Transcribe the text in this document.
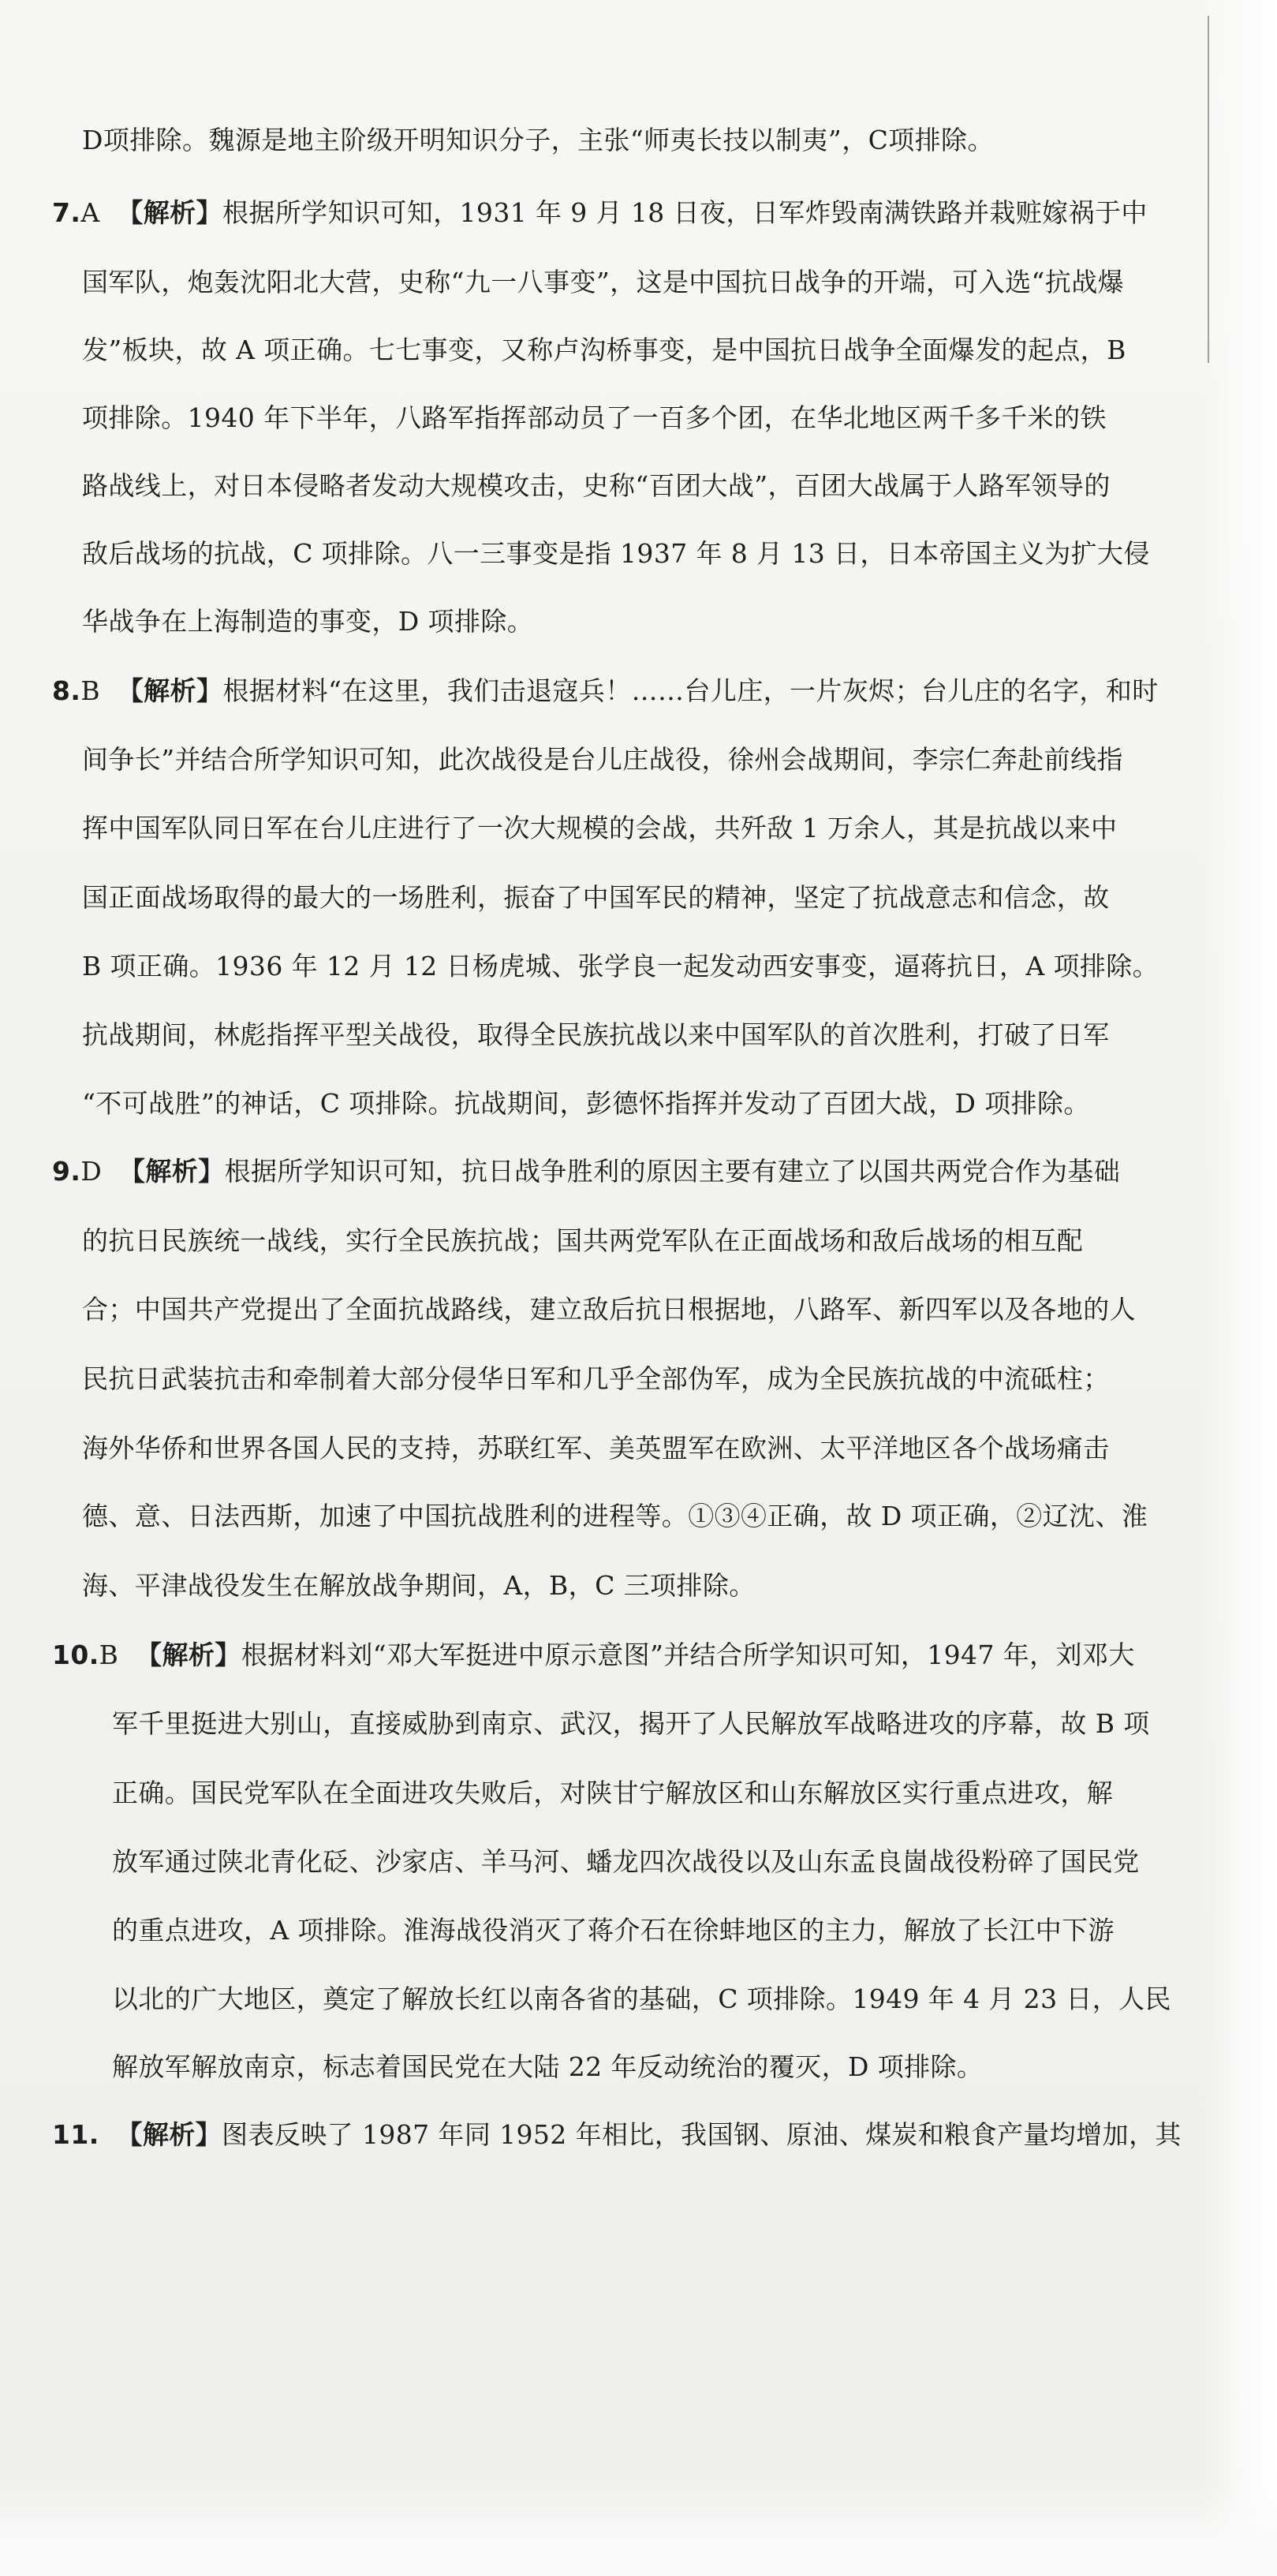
D项排除。魏源是地主阶级开明知识分子，主张“师夷长技以制夷”，C项排除。
7.A 【解析】根据所学知识可知，1931 年 9 月 18 日夜，日军炸毁南满铁路并栽赃嫁祸于中
国军队，炮轰沈阳北大营，史称“九一八事变”，这是中国抗日战争的开端，可入选“抗战爆
发”板块，故 A 项正确。七七事变，又称卢沟桥事变，是中国抗日战争全面爆发的起点，B
项排除。1940 年下半年，八路军指挥部动员了一百多个团，在华北地区两千多千米的铁
路战线上，对日本侵略者发动大规模攻击，史称“百团大战”，百团大战属于人路军领导的
敌后战场的抗战，C 项排除。八一三事变是指 1937 年 8 月 13 日，日本帝国主义为扩大侵
华战争在上海制造的事变，D 项排除。
8.B 【解析】根据材料“在这里，我们击退寇兵！……台儿庄，一片灰烬；台儿庄的名字，和时
间争长”并结合所学知识可知，此次战役是台儿庄战役，徐州会战期间，李宗仁奔赴前线指
挥中国军队同日军在台儿庄进行了一次大规模的会战，共歼敌 1 万余人，其是抗战以来中
国正面战场取得的最大的一场胜利，振奋了中国军民的精神，坚定了抗战意志和信念，故
B 项正确。1936 年 12 月 12 日杨虎城、张学良一起发动西安事变，逼蒋抗日，A 项排除。
抗战期间，林彪指挥平型关战役，取得全民族抗战以来中国军队的首次胜利，打破了日军
“不可战胜”的神话，C 项排除。抗战期间，彭德怀指挥并发动了百团大战，D 项排除。
9.D 【解析】根据所学知识可知，抗日战争胜利的原因主要有建立了以国共两党合作为基础
的抗日民族统一战线，实行全民族抗战；国共两党军队在正面战场和敌后战场的相互配
合；中国共产党提出了全面抗战路线，建立敌后抗日根据地，八路军、新四军以及各地的人
民抗日武装抗击和牵制着大部分侵华日军和几乎全部伪军，成为全民族抗战的中流砥柱；
海外华侨和世界各国人民的支持，苏联红军、美英盟军在欧洲、太平洋地区各个战场痛击
德、意、日法西斯，加速了中国抗战胜利的进程等。①③④正确，故 D 项正确，②辽沈、淮
海、平津战役发生在解放战争期间，A，B，C 三项排除。
10.B 【解析】根据材料刘“邓大军挺进中原示意图”并结合所学知识可知，1947 年，刘邓大
军千里挺进大别山，直接威胁到南京、武汉，揭开了人民解放军战略进攻的序幕，故 B 项
正确。国民党军队在全面进攻失败后，对陕甘宁解放区和山东解放区实行重点进攻，解
放军通过陕北青化砭、沙家店、羊马河、蟠龙四次战役以及山东孟良崮战役粉碎了国民党
的重点进攻，A 项排除。淮海战役消灭了蒋介石在徐蚌地区的主力，解放了长江中下游
以北的广大地区，奠定了解放长红以南各省的基础，C 项排除。1949 年 4 月 23 日，人民
解放军解放南京，标志着国民党在大陆 22 年反动统治的覆灭，D 项排除。
11. 【解析】图表反映了 1987 年同 1952 年相比，我国钢、原油、煤炭和粮食产量均增加，其
